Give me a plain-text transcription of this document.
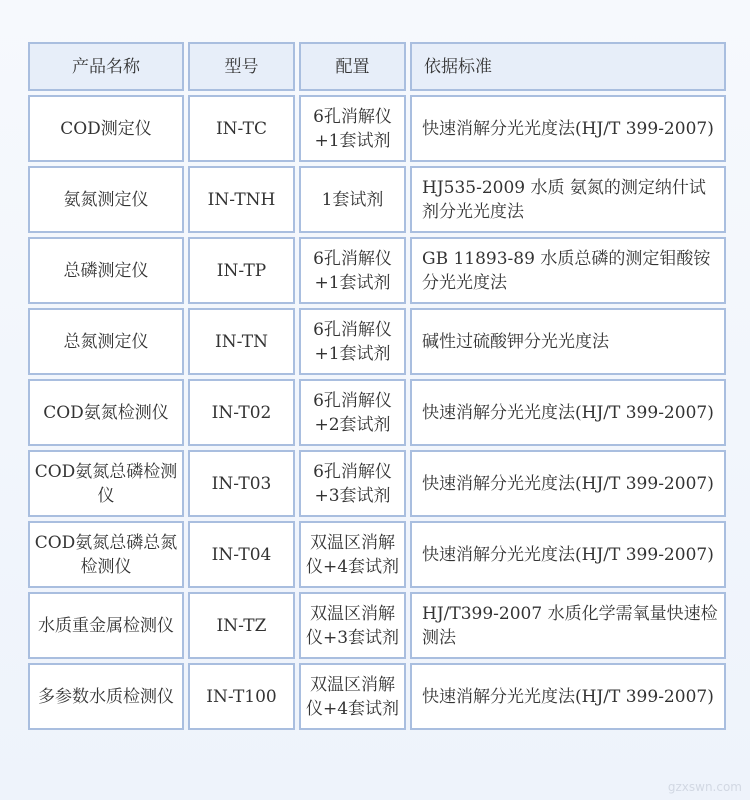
产品名称	型号	配置	依据标准
COD测定仪	IN-TC	6孔消解仪+1套试剂	快速消解分光光度法(HJ/T 399-2007)
氨氮测定仪	IN-TNH	1套试剂	HJ535-2009 水质 氨氮的测定纳什试剂分光光度法
总磷测定仪	IN-TP	6孔消解仪+1套试剂	GB 11893-89 水质总磷的测定钼酸铵分光光度法
总氮测定仪	IN-TN	6孔消解仪+1套试剂	碱性过硫酸钾分光光度法
COD氨氮检测仪	IN-T02	6孔消解仪+2套试剂	快速消解分光光度法(HJ/T 399-2007)
COD氨氮总磷检测仪	IN-T03	6孔消解仪+3套试剂	快速消解分光光度法(HJ/T 399-2007)
COD氨氮总磷总氮检测仪	IN-T04	双温区消解仪+4套试剂	快速消解分光光度法(HJ/T 399-2007)
水质重金属检测仪	IN-TZ	双温区消解仪+3套试剂	HJ/T399-2007 水质化学需氧量快速检测法
多参数水质检测仪	IN-T100	双温区消解仪+4套试剂	快速消解分光光度法(HJ/T 399-2007)
gzxswn.com
